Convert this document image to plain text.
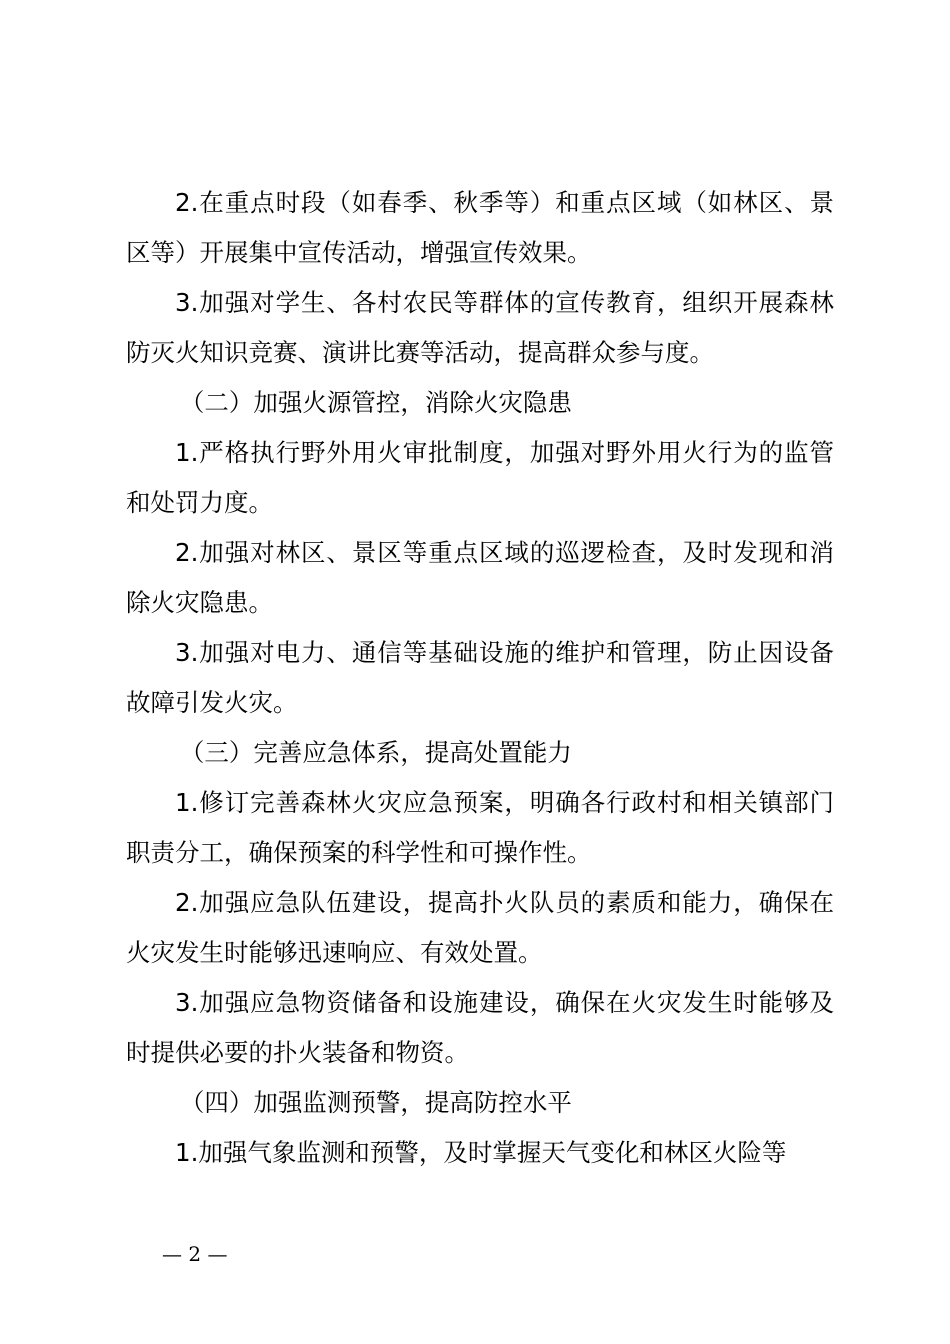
2.在重点时段（如春季、秋季等）和重点区域（如林区、景区等）开展集中宣传活动，增强宣传效果。

3.加强对学生、各村农民等群体的宣传教育，组织开展森林防灭火知识竞赛、演讲比赛等活动，提高群众参与度。

（二）加强火源管控，消除火灾隐患

1.严格执行野外用火审批制度，加强对野外用火行为的监管和处罚力度。

2.加强对林区、景区等重点区域的巡逻检查，及时发现和消除火灾隐患。

3.加强对电力、通信等基础设施的维护和管理，防止因设备故障引发火灾。

（三）完善应急体系，提高处置能力

1.修订完善森林火灾应急预案，明确各行政村和相关镇部门职责分工，确保预案的科学性和可操作性。

2.加强应急队伍建设，提高扑火队员的素质和能力，确保在火灾发生时能够迅速响应、有效处置。

3.加强应急物资储备和设施建设，确保在火灾发生时能够及时提供必要的扑火装备和物资。

（四）加强监测预警，提高防控水平

1.加强气象监测和预警，及时掌握天气变化和林区火险等

— 2 —
